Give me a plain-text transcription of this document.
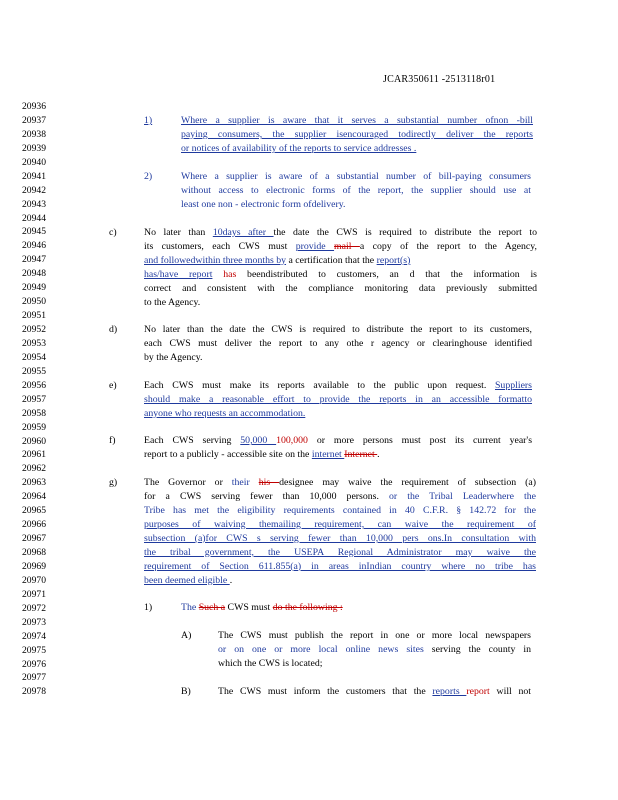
JCAR350611 -2513118r01
20936
20937
20938
20939
20940
20941
20942
20943
20944
20945
20946
20947
20948
20949
20950
20951
20952
20953
20954
20955
20956
20957
20958
20959
20960
20961
20962
20963
20964
20965
20966
20967
20968
20969
20970
20971
20972
20973
20974
20975
20976
20977
20978
1)	Where a supplier is aware that it serves a substantial number ofnon -bill
paying consumers, the supplier isencouraged todirectly deliver the reports
or notices of availability of the reports to service addresses .
2)	Where a supplier is aware of a substantial number of bill-paying consumers
without access to electronic forms of the report, the supplier should use at
least one non - electronic form ofdelivery.
c)	No later than 10days after the date the CWS is required to distribute the report to
its customers, each CWS must provide mail a copy of the report to the Agency,
and followedwithin three months by a certification that the report(s)
has/have report has beendistributed to customers, an d that the information is
correct and consistent with the compliance monitoring data previously submitted
to the Agency.
d)	No later than the date the CWS is required to distribute the report to its customers,
each CWS must deliver the report to any othe r agency or clearinghouse identified
by the Agency.
e)	Each CWS must make its reports available to the public upon request. Suppliers
should make a reasonable effort to provide the reports in an accessible formatto
anyone who requests an accommodation.
f)	Each CWS serving 50,000 100,000 or more persons must post its current year's
report to a publicly - accessible site on the internet Internet .
g)	The Governor or their his designee may waive the requirement of subsection (a)
for a CWS serving fewer than 10,000 persons. or the Tribal Leaderwhere the
Tribe has met the eligibility requirements contained in 40 C.F.R. § 142.72 for the
purposes of waiving themailing requirement, can waive the requirement of
subsection (a)for CWS s serving fewer than 10,000 pers ons.In consultation with
the tribal government, the USEPA Regional Administrator may waive the
requirement of Section 611.855(a) in areas inIndian country where no tribe has
been deemed eligible .
1)	The Such a CWS must do the following :
A)	The CWS must publish the report in one or more local newspapers
or on one or more local online news sites serving the county in
which the CWS is located;
B)	The CWS must inform the customers that the reports report will not
